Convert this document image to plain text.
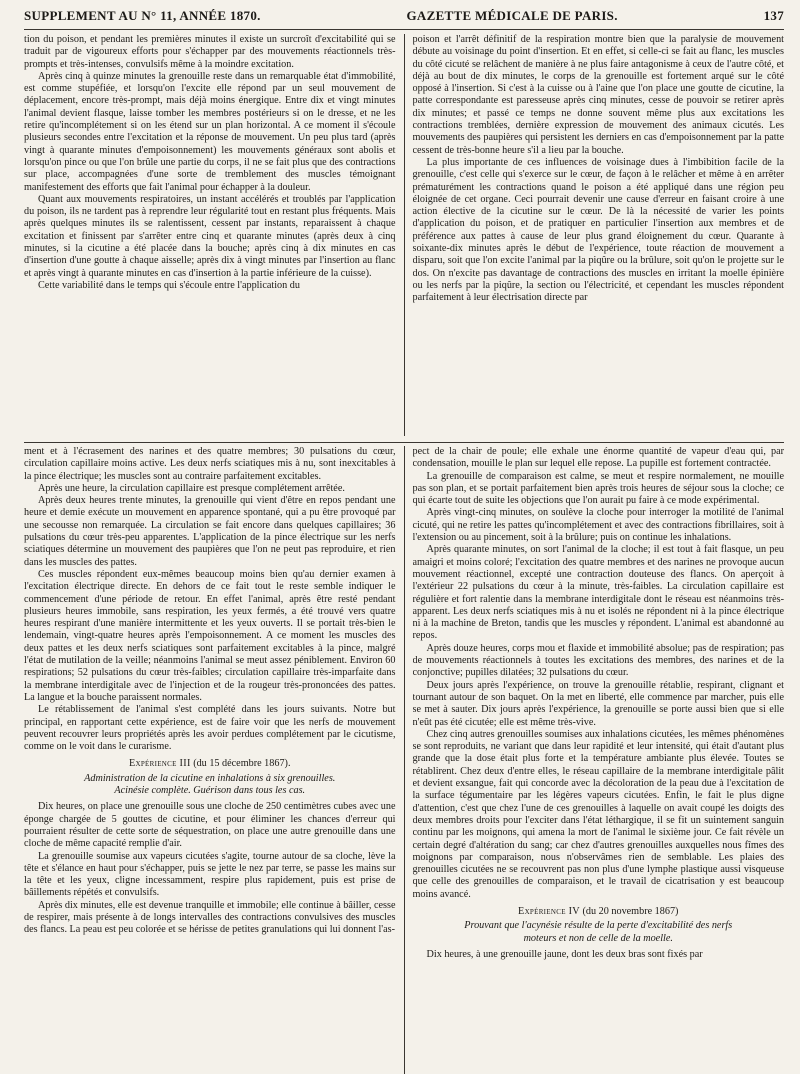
SUPPLEMENT AU N° 11, ANNÉE 1870.	GAZETTE MÉDICALE DE PARIS.	137

tion du poison, et pendant les premières minutes il existe un surcroît d'excitabilité qui se traduit par de vigoureux efforts pour s'échapper par des mouvements réactionnels très-prompts et très-intenses, convulsifs même à la moindre excitation.

Après cinq à quinze minutes la grenouille reste dans un remarquable état d'immobilité, est comme stupéfiée, et lorsqu'on l'excite elle répond par un seul mouvement de déplacement, encore très-prompt, mais déjà moins énergique. Entre dix et vingt minutes l'animal devient flasque, laisse tomber les membres postérieurs si on le dresse, et ne les retire qu'incomplétement si on les étend sur un plan horizontal. A ce moment il s'écoule plusieurs secondes entre l'excitation et la réponse de mouvement. Un peu plus tard (après vingt à quarante minutes d'empoisonnement) les mouvements généraux sont abolis et lorsqu'on pince ou que l'on brûle une partie du corps, il ne se fait plus que des contractions sur place, accompagnées d'une sorte de tremblement des muscles témoignant manifestement des efforts que fait l'animal pour échapper à la douleur.

Quant aux mouvements respiratoires, un instant accélérés et troublés par l'application du poison, ils ne tardent pas à reprendre leur régularité tout en restant plus fréquents. Mais après quelques minutes ils se ralentissent, cessent par instants, reparaissent à chaque excitation et finissent par s'arrêter entre cinq et quarante minutes (après deux à cinq minutes, si la cicutine a été placée dans la bouche; après cinq à dix minutes en cas d'insertion d'une goutte à chaque aisselle; après dix à vingt minutes par l'insertion au flanc et après vingt à quarante minutes en cas d'insertion à la partie inférieure de la cuisse).

Cette variabilité dans le temps qui s'écoule entre l'application du

poison et l'arrêt définitif de la respiration montre bien que la paralysie de mouvement débute au voisinage du point d'insertion. Et en effet, si celle-ci se fait au flanc, les muscles du côté cicuté se relâchent de manière à ne plus faire antagonisme à ceux de l'autre côté, et déjà au bout de dix minutes, le corps de la grenouille est fortement arqué sur le côté opposé à l'insertion. Si c'est à la cuisse ou à l'aine que l'on place une goutte de cicutine, la patte correspondante est paresseuse après cinq minutes, cesse de pouvoir se retirer après dix minutes; et passé ce temps ne donne souvent même plus aux excitations les contractions tremblées, dernière expression de mouvement des animaux cicutés. Les mouvements des paupières qui persistent les derniers en cas d'empoisonnement par la patte cessent de très-bonne heure s'il a lieu par la bouche.

La plus importante de ces influences de voisinage dues à l'imbibition facile de la grenouille, c'est celle qui s'exerce sur le cœur, de façon à le relâcher et même à en arrêter prématurément les contractions quand le poison a été appliqué dans une région peu éloignée de cet organe. Ceci pourrait devenir une cause d'erreur en faisant croire à une action élective de la cicutine sur le cœur. De là la nécessité de varier les points d'application du poison, et de pratiquer en particulier l'insertion aux membres et de préférence aux pattes à cause de leur plus grand éloignement du cœur. Quarante à soixante-dix minutes après le début de l'expérience, toute réaction de mouvement a disparu, soit que l'on excite l'animal par la piqûre ou la brûlure, soit qu'on le projette sur le dos. On n'excite pas davantage de contractions des muscles en irritant la moelle épinière ou les nerfs par la piqûre, la section ou l'électricité, et cependant les muscles répondent parfaitement à leur électrisation directe par

ment et à l'écrasement des narines et des quatre membres; 30 pulsations du cœur, circulation capillaire moins active. Les deux nerfs sciatiques mis à nu, sont inexcitables à la pince électrique; les muscles sont au contraire parfaitement excitables.

Après une heure, la circulation capillaire est presque complétement arrêtée.

Après deux heures trente minutes, la grenouille qui vient d'être en repos pendant une heure et demie exécute un mouvement en apparence spontané, qui a pu être provoqué par une secousse non remarquée. La circulation se fait encore dans quelques capillaires; 36 pulsations du cœur très-peu apparentes. L'application de la pince électrique sur les nerfs sciatiques détermine un mouvement des paupières que l'on ne peut pas reproduire, et rien dans les muscles des pattes.

Ces muscles répondent eux-mêmes beaucoup moins bien qu'au dernier examen à l'excitation électrique directe. En dehors de ce fait tout le reste semble indiquer le commencement d'une période de retour. En effet l'animal, après être resté pendant plusieurs heures immobile, sans respiration, les yeux fermés, a été trouvé vers quatre heures respirant d'une manière intermittente et les yeux ouverts. Il se portait très-bien le lendemain, vingt-quatre heures après l'empoisonnement. A ce moment les muscles des deux pattes et les deux nerfs sciatiques sont parfaitement excitables à la pince, malgré l'état de mutilation de la veille; néanmoins l'animal se meut assez péniblement. Environ 60 respirations; 52 pulsations du cœur très-faibles; circulation capillaire très-imparfaite dans la membrane interdigitale avec de l'injection et de la rougeur très-prononcées des pattes. La langue et la bouche paraissent normales.

Le rétablissement de l'animal s'est complété dans les jours suivants. Notre but principal, en rapportant cette expérience, est de faire voir que les nerfs de mouvement peuvent recouvrer leurs propriétés après les avoir perdues complétement par le cicutisme, comme on le voit dans le curarisme.

Expérience III (du 15 décembre 1867).
Administration de la cicutine en inhalations à six grenouilles.
Acinésie complète. Guérison dans tous les cas.

Dix heures, on place une grenouille sous une cloche de 250 centimètres cubes avec une éponge chargée de 5 gouttes de cicutine, et pour éliminer les chances d'erreur qui pourraient résulter de cette sorte de séquestration, on place une autre grenouille dans une cloche de même capacité remplie d'air.

La grenouille soumise aux vapeurs cicutées s'agite, tourne autour de sa cloche, lève la tête et s'élance en haut pour s'échapper, puis se jette le nez par terre, se passe les mains sur la tête et les yeux, cligne incessamment, respire plus rapidement, puis est prise de bâillements répétés et convulsifs.

Après dix minutes, elle est devenue tranquille et immobile; elle continue à bâiller, cesse de respirer, mais présente à de longs intervalles des contractions convulsives des muscles des flancs. La peau est peu colorée et se hérisse de petites granulations qui lui donnent l'as-

pect de la chair de poule; elle exhale une énorme quantité de vapeur d'eau qui, par condensation, mouille le plan sur lequel elle repose. La pupille est fortement contractée.

La grenouille de comparaison est calme, se meut et respire normalement, ne mouille pas son plan, et se portait parfaitement bien après trois heures de séjour sous la cloche; ce qui écarte tout de suite les objections que l'on aurait pu faire à ce mode expérimental.

Après vingt-cinq minutes, on soulève la cloche pour interroger la motilité de l'animal cicuté, qui ne retire les pattes qu'incomplétement et avec des contractions fibrillaires, soit à l'extension ou au pincement, soit à la brûlure; puis on continue les inhalations.

Après quarante minutes, on sort l'animal de la cloche; il est tout à fait flasque, un peu amaigri et moins coloré; l'excitation des quatre membres et des narines ne provoque aucun mouvement réactionnel, excepté une contraction douteuse des flancs. On aperçoit à l'extérieur 22 pulsations du cœur à la minute, très-faibles. La circulation capillaire est régulière et fort ralentie dans la membrane interdigitale dont le réseau est néanmoins très-apparent. Les deux nerfs sciatiques mis à nu et isolés ne répondent ni à la pince électrique ni à la machine de Breton, tandis que les muscles y répondent. L'animal est abandonné au repos.

Après douze heures, corps mou et flaxide et immobilité absolue; pas de respiration; pas de mouvements réactionnels à toutes les excitations des membres, des narines et de la conjonctive; pupilles dilatées; 32 pulsations du cœur.

Deux jours après l'expérience, on trouve la grenouille rétablie, respirant, clignant et tournant autour de son baquet. On la met en liberté, elle commence par marcher, puis elle se met à sauter. Dix jours après l'expérience, la grenouille se porte aussi bien que si elle n'eût pas été cicutée; elle est même très-vive.

Chez cinq autres grenouilles soumises aux inhalations cicutées, les mêmes phénomènes se sont reproduits, ne variant que dans leur rapidité et leur intensité, qui était d'autant plus grande que la dose était plus forte et la température ambiante plus élevée. Toutes se rétablirent. Chez deux d'entre elles, le réseau capillaire de la membrane interdigitale pâlit et devient exsangue, fait qui concorde avec la décoloration de la peau due à l'excitation de la surface tégumentaire par les légères vapeurs cicutées. Enfin, le fait le plus digne d'attention, c'est que chez l'une de ces grenouilles à laquelle on avait coupé les doigts des deux membres droits pour l'exciter dans l'état léthargique, il se fit un suintement sanguin continu par les moignons, qui amena la mort de l'animal le sixième jour. Ce fait révèle un certain degré d'altération du sang; car chez d'autres grenouilles auxquelles nous fîmes des moignons par comparaison, nous n'observâmes rien de semblable. Les plaies des grenouilles cicutées ne se recouvrent pas non plus d'une lymphe plastique aussi visqueuse que celle des grenouilles de comparaison, et le travail de cicatrisation y est beaucoup moins avancé.

Expérience IV (du 20 novembre 1867)
Prouvant que l'acynésie résulte de la perte d'excitabilité des nerfs
moteurs et non de celle de la moelle.

Dix heures, à une grenouille jaune, dont les deux bras sont fixés par
